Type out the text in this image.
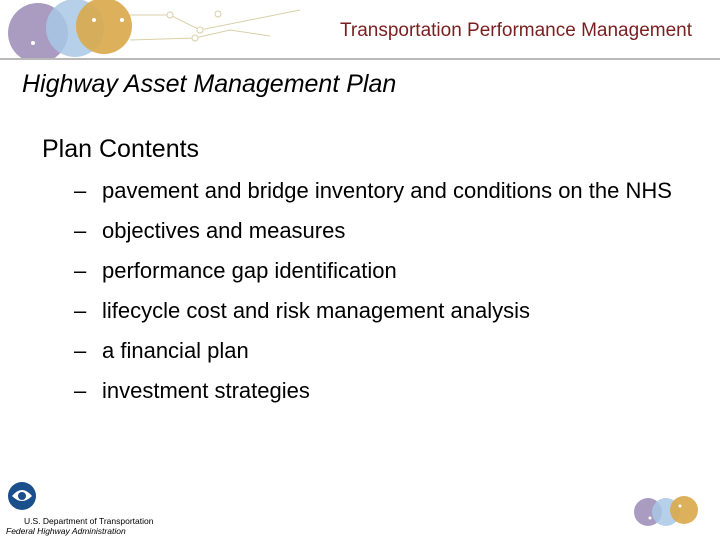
Transportation Performance Management
Highway Asset Management Plan
Plan Contents
– pavement and bridge inventory and conditions on the NHS
– objectives and measures
– performance gap identification
– lifecycle cost and risk management analysis
– a financial plan
– investment strategies
U.S. Department of Transportation
Federal Highway Administration
